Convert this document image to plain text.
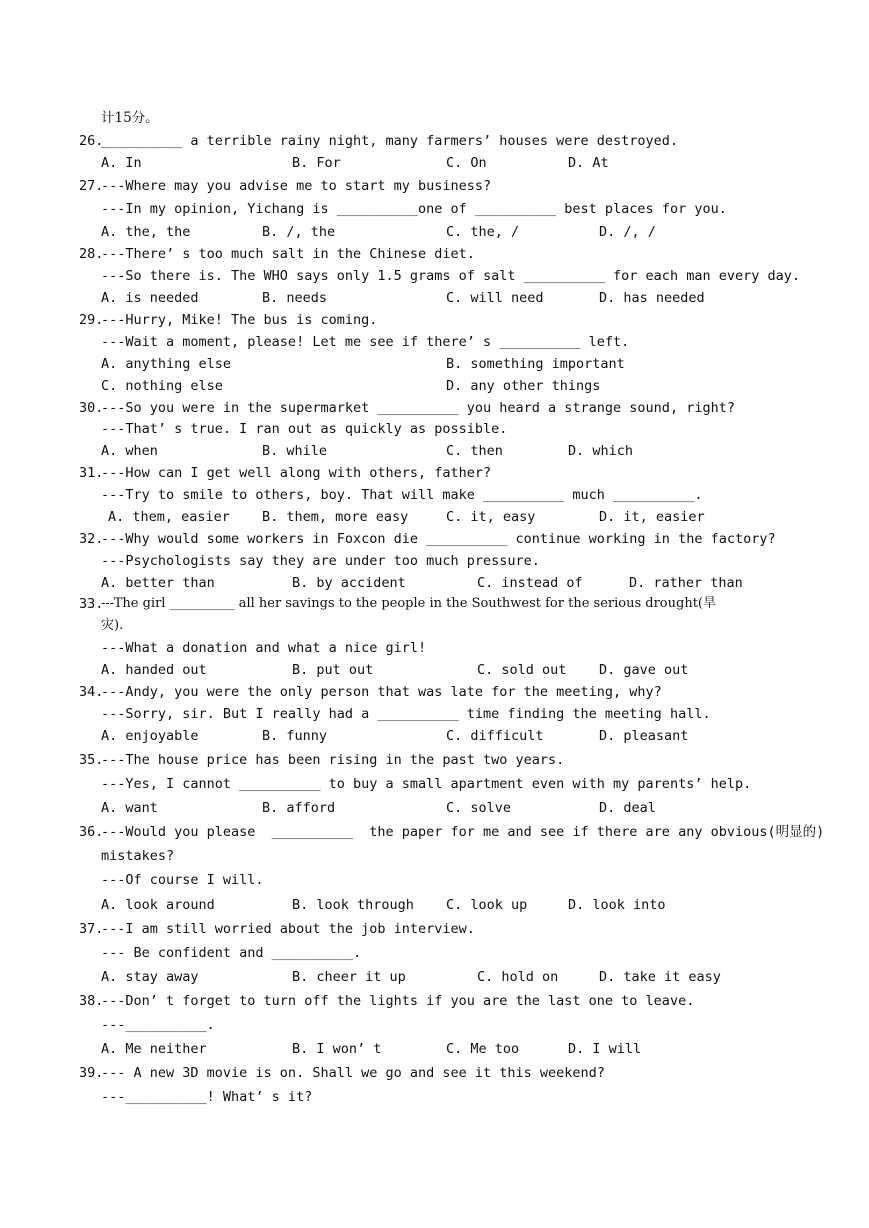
计15分。
26.
__________ a terrible rainy night, many farmers’ houses were destroyed.
A. In	B. For	C. On	D. At
27.
---Where may you advise me to start my business?
---In my opinion, Yichang is __________one of __________ best places for you.
A. the, the	B. /, the	C. the, /	D. /, /
28.
---There’ s too much salt in the Chinese diet.
---So there is. The WHO says only 1.5 grams of salt __________ for each man every day.
A. is needed	B. needs	C. will need	D. has needed
29.
---Hurry, Mike! The bus is coming.
---Wait a moment, please! Let me see if there’ s __________ left.
A. anything else	B. something important
C. nothing else	D. any other things
30.
---So you were in the supermarket __________ you heard a strange sound, right?
---That’ s true. I ran out as quickly as possible.
A. when	B. while	C. then	D. which
31.
---How can I get well along with others, father?
---Try to smile to others, boy. That will make __________ much __________.
A. them, easier B. them, more easy	C. it, easy	D. it, easier
32.
---Why would some workers in Foxcon die __________ continue working in the factory?
---Psychologists say they are under too much pressure.
A. better than	B. by accident	C. instead of	D. rather than
33.
---The girl __________ all her savings to the people in the Southwest for the serious drought(旱
灾).
---What a donation and what a nice girl!
A. handed out	B. put out	C. sold out D. gave out
34.
---Andy, you were the only person that was late for the meeting, why?
---Sorry, sir. But I really had a __________ time finding the meeting hall.
A. enjoyable	B. funny	C. difficult	D. pleasant
35.
---The house price has been rising in the past two years.
---Yes, I cannot __________ to buy a small apartment even with my parents’ help.
A. want	B. afford	C. solve	D. deal
36.
---Would you please  __________  the paper for me and see if there are any obvious(明显的)
mistakes?
---Of course I will.
A. look around	B. look through C. look up	D. look into
37.
---I am still worried about the job interview.
--- Be confident and __________.
A. stay away	B. cheer it up	C. hold on	D. take it easy
38.
---Don’ t forget to turn off the lights if you are the last one to leave.
---__________.
A. Me neither	B. I won’ t	C. Me too	D. I will
39.
--- A new 3D movie is on. Shall we go and see it this weekend?
---__________! What’ s it?
